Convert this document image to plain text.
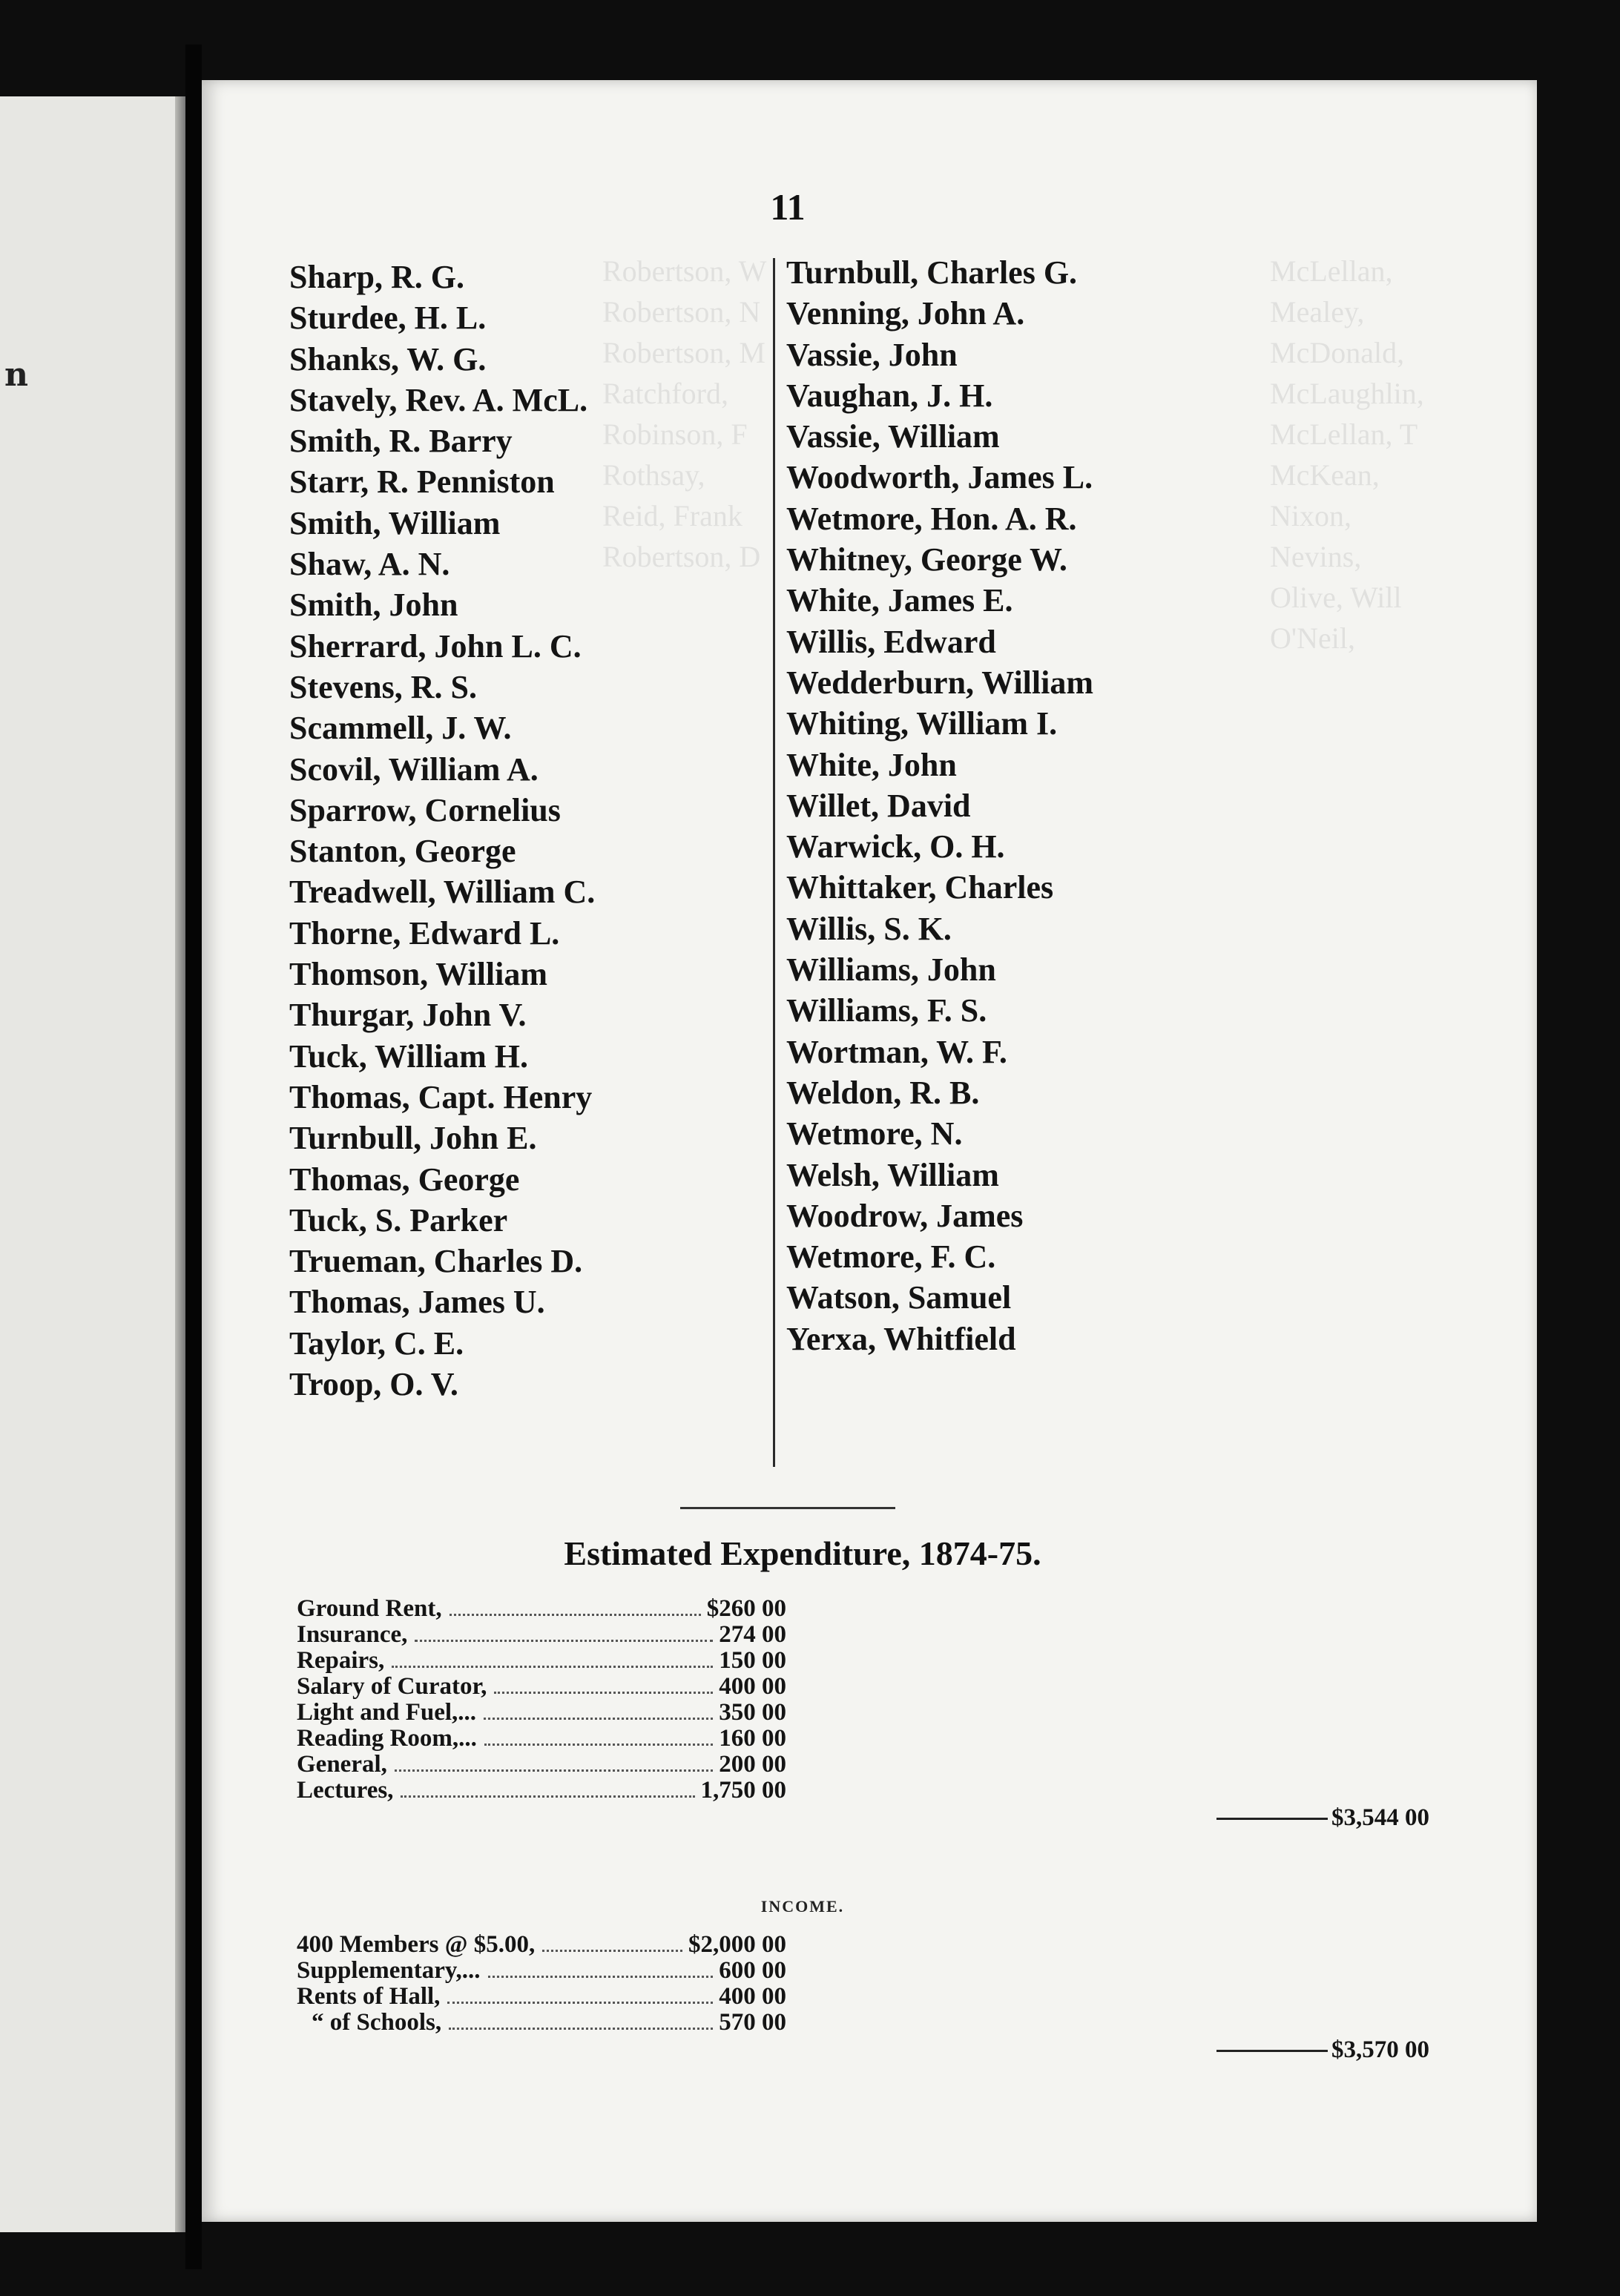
n
Robertson, W
Robertson, N
Robertson, M
Ratchford,
Robinson, F
Rothsay,
Reid, Frank
Robertson, D
McLellan,
Mealey,
McDonald,
McLaughlin,
McLellan, T
McKean,
Nixon,
Nevins,
Olive, Will
O'Neil,
11
Sharp, R. G.
Sturdee, H. L.
Shanks, W. G.
Stavely, Rev. A. McL.
Smith, R. Barry
Starr, R. Penniston
Smith, William
Shaw, A. N.
Smith, John
Sherrard, John L. C.
Stevens, R. S.
Scammell, J. W.
Scovil, William A.
Sparrow, Cornelius
Stanton, George
Treadwell, William C.
Thorne, Edward L.
Thomson, William
Thurgar, John V.
Tuck, William H.
Thomas, Capt. Henry
Turnbull, John E.
Thomas, George
Tuck, S. Parker
Trueman, Charles D.
Thomas, James U.
Taylor, C. E.
Troop, O. V.
Turnbull, Charles G.
Venning, John A.
Vassie, John
Vaughan, J. H.
Vassie, William
Woodworth, James L.
Wetmore, Hon. A. R.
Whitney, George W.
White, James E.
Willis, Edward
Wedderburn, William
Whiting, William I.
White, John
Willet, David
Warwick, O. H.
Whittaker, Charles
Willis, S. K.
Williams, John
Williams, F. S.
Wortman, W. F.
Weldon, R. B.
Wetmore, N.
Welsh, William
Woodrow, James
Wetmore, F. C.
Watson, Samuel
Yerxa, Whitfield
Estimated Expenditure, 1874-75.
Ground Rent,	$260 00
Insurance,	274 00
Repairs,	150 00
Salary of Curator,	400 00
Light and Fuel,...	350 00
Reading Room,...	160 00
General,	200 00
Lectures,	1,750 00
$3,544 00
INCOME.
400 Members @ $5.00,	$2,000 00
Supplementary,...	600 00
Rents of Hall,	400 00
“ of Schools,	570 00
$3,570 00
